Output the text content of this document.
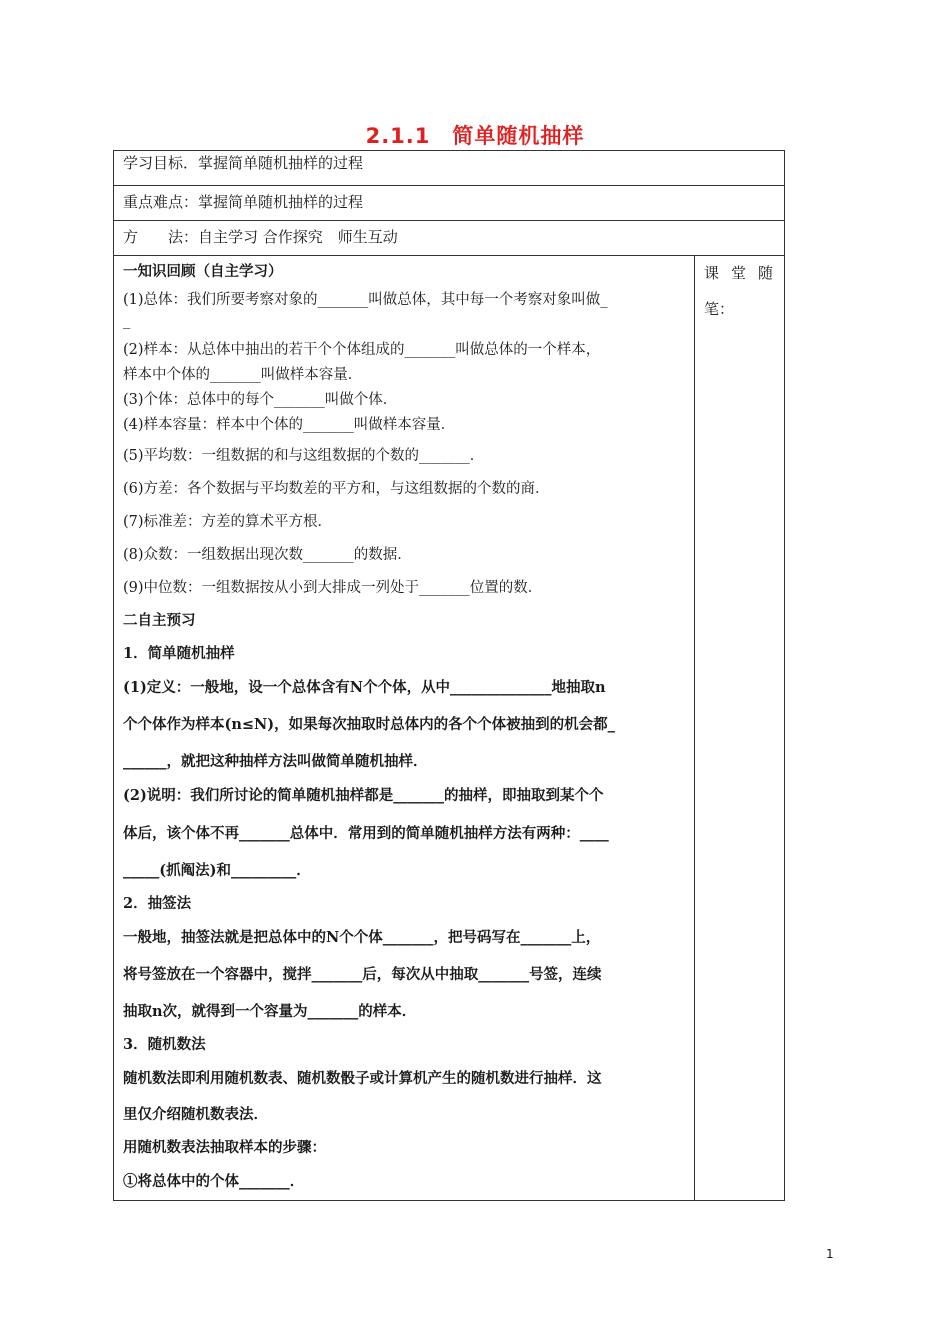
2.1.1　简单随机抽样
学习目标．掌握简单随机抽样的过程
重点难点：掌握简单随机抽样的过程
方　　法：自主学习 合作探究　师生互动
一知识回顾（自主学习）
(1)总体：我们所要考察对象的_______叫做总体，其中每一个考察对象叫做_
_
(2)样本：从总体中抽出的若干个个体组成的_______叫做总体的一个样本，
样本中个体的_______叫做样本容量．
(3)个体：总体中的每个_______叫做个体．
(4)样本容量：样本中个体的_______叫做样本容量．
(5)平均数：一组数据的和与这组数据的个数的_______．
(6)方差：各个数据与平均数差的平方和，与这组数据的个数的商．
(7)标准差：方差的算术平方根．
(8)众数：一组数据出现次数_______的数据．
(9)中位数：一组数据按从小到大排成一列处于_______位置的数．
二自主预习
1．简单随机抽样
(1)定义：一般地，设一个总体含有N个个体，从中______________地抽取n
个个体作为样本(n≤N)，如果每次抽取时总体内的各个个体被抽到的机会都_
______，就把这种抽样方法叫做简单随机抽样．
(2)说明：我们所讨论的简单随机抽样都是_______的抽样，即抽取到某个个
体后，该个体不再_______总体中．常用到的简单随机抽样方法有两种：____
_____(抓阄法)和_________．
2．抽签法
一般地，抽签法就是把总体中的N个个体_______，把号码写在_______上，
将号签放在一个容器中，搅拌_______后，每次从中抽取_______号签，连续
抽取n次，就得到一个容量为_______的样本．
3．随机数法
随机数法即利用随机数表、随机数骰子或计算机产生的随机数进行抽样．这
里仅介绍随机数表法．
用随机数表法抽取样本的步骤：
①将总体中的个体_______．
课堂随
笔：
1
